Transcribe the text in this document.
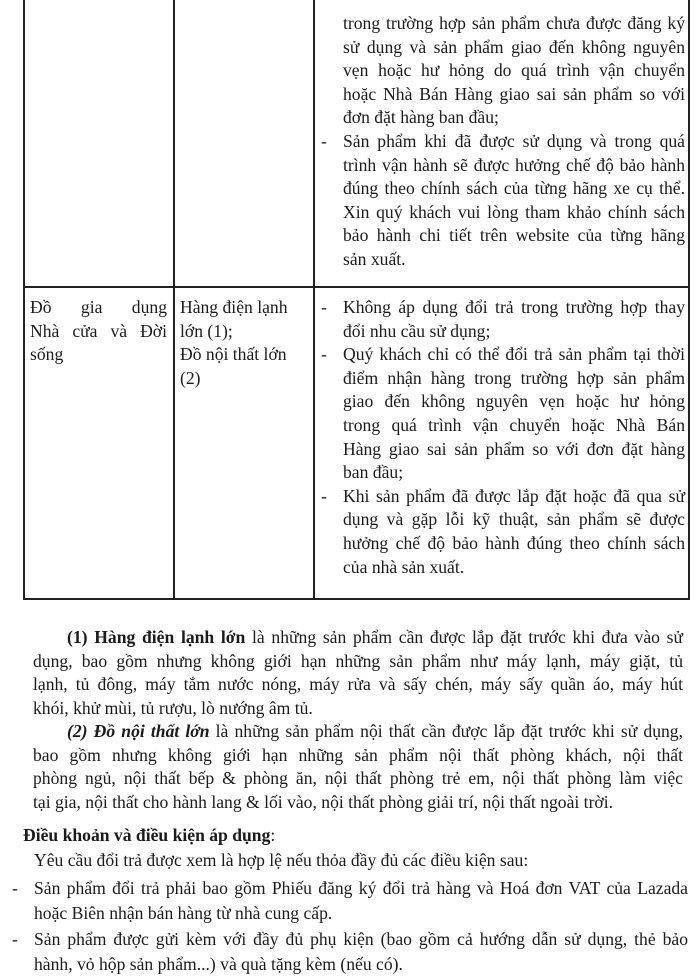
trong trường hợp sản phẩm chưa được đăng ký
sử dụng và sản phẩm giao đến không nguyên
vẹn hoặc hư hỏng do quá trình vận chuyển
hoặc Nhà Bán Hàng giao sai sản phẩm so với
đơn đặt hàng ban đầu;
- Sản phẩm khi đã được sử dụng và trong quá
trình vận hành sẽ được hưởng chế độ bảo hành
đúng theo chính sách của từng hãng xe cụ thể.
Xin quý khách vui lòng tham khảo chính sách
bảo hành chi tiết trên website của từng hãng
sản xuất.
Đồ gia dụng
Nhà cửa và Đời
sống
Hàng điện lạnh
lớn (1);
Đồ nội thất lớn
(2)
- Không áp dụng đổi trả trong trường hợp thay
đổi nhu cầu sử dụng;
- Quý khách chỉ có thể đổi trả sản phẩm tại thời
điểm nhận hàng trong trường hợp sản phẩm
giao đến không nguyên vẹn hoặc hư hỏng
trong quá trình vận chuyển hoặc Nhà Bán
Hàng giao sai sản phẩm so với đơn đặt hàng
ban đầu;
- Khi sản phẩm đã được lắp đặt hoặc đã qua sử
dụng và gặp lỗi kỹ thuật, sản phẩm sẽ được
hưởng chế độ bảo hành đúng theo chính sách
của nhà sản xuất.
(1) Hàng điện lạnh lớn là những sản phẩm cần được lắp đặt trước khi đưa vào sử
dụng, bao gồm nhưng không giới hạn những sản phẩm như máy lạnh, máy giặt, tủ
lạnh, tủ đông, máy tắm nước nóng, máy rửa và sấy chén, máy sấy quần áo, máy hút
khói, khử mùi, tủ rượu, lò nướng âm tủ.
(2) Đồ nội thất lớn là những sản phẩm nội thất cần được lắp đặt trước khi sử dụng,
bao gồm nhưng không giới hạn những sản phẩm nội thất phòng khách, nội thất
phòng ngủ, nội thất bếp & phòng ăn, nội thất phòng trẻ em, nội thất phòng làm việc
tại gia, nội thất cho hành lang & lối vào, nội thất phòng giải trí, nội thất ngoài trời.
Điều khoản và điều kiện áp dụng:
Yêu cầu đổi trả được xem là hợp lệ nếu thỏa đầy đủ các điều kiện sau:
- Sản phẩm đổi trả phải bao gồm Phiếu đăng ký đổi trả hàng và Hoá đơn VAT của Lazada
hoặc Biên nhận bán hàng từ nhà cung cấp.
- Sản phẩm được gửi kèm với đầy đủ phụ kiện (bao gồm cả hướng dẫn sử dụng, thẻ bảo
hành, vỏ hộp sản phẩm...) và quà tặng kèm (nếu có).
